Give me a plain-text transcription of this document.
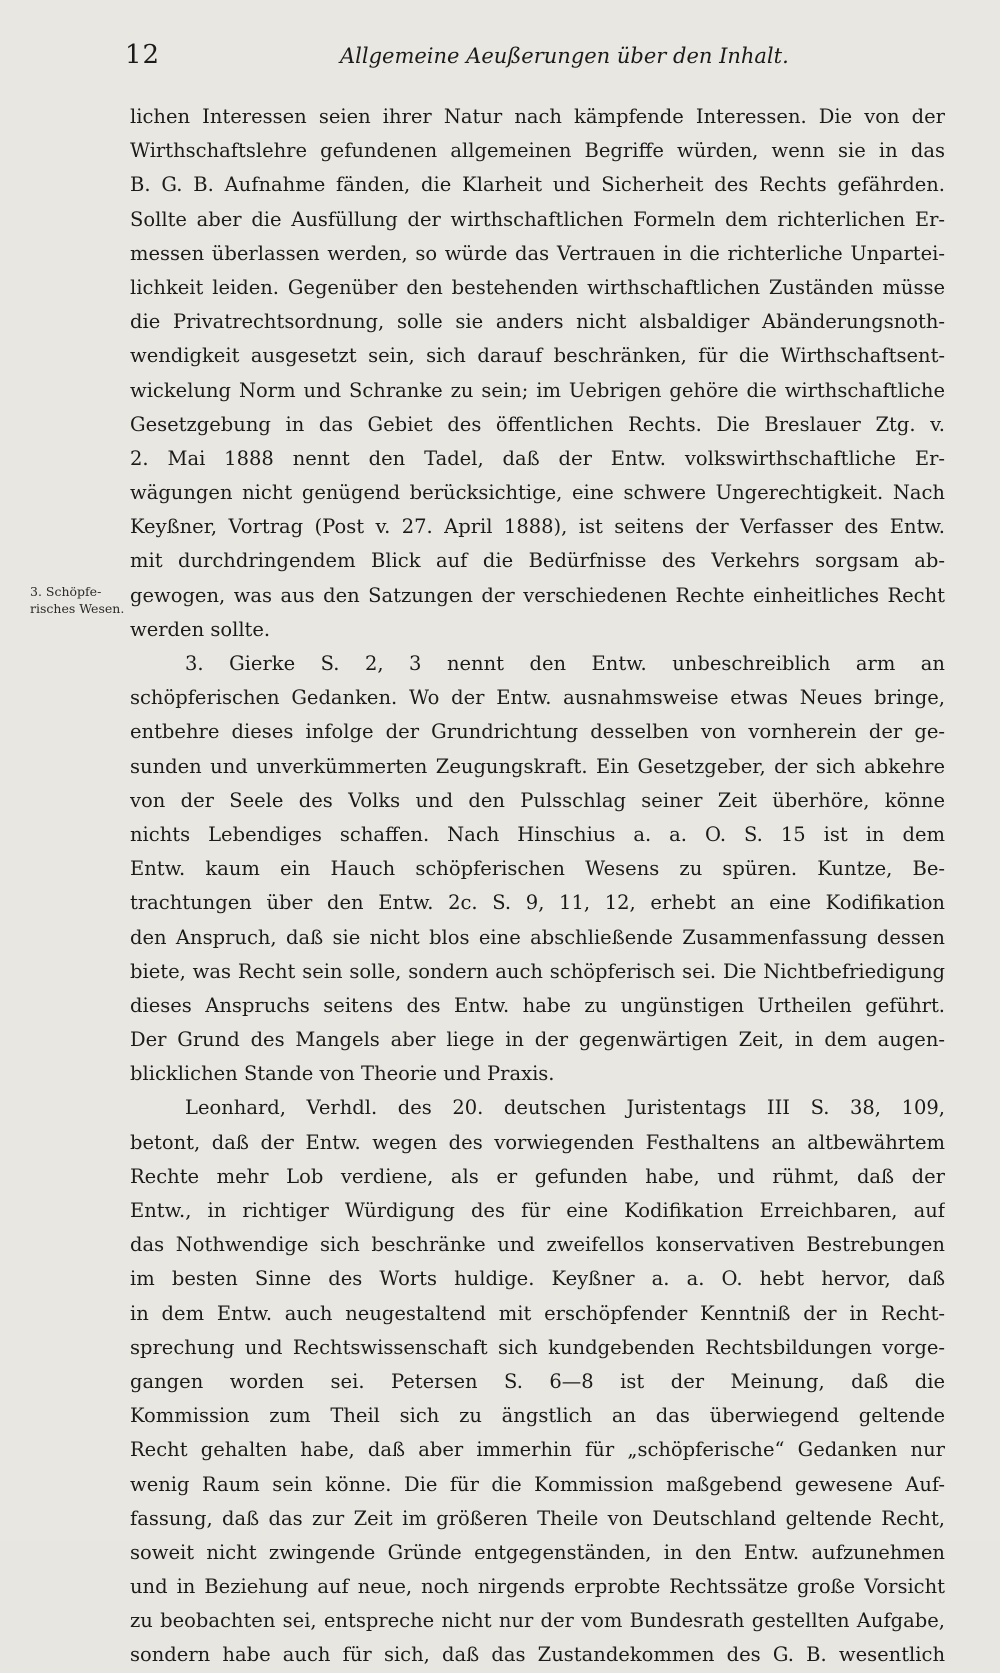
12	Allgemeine Aeußerungen über den Inhalt.
3. Schöpfe-
risches Wesen.
lichen Interessen seien ihrer Natur nach kämpfende Interessen. Die von der
Wirthschaftslehre gefundenen allgemeinen Begriffe würden, wenn sie in das
B. G. B. Aufnahme fänden, die Klarheit und Sicherheit des Rechts gefährden.
Sollte aber die Ausfüllung der wirthschaftlichen Formeln dem richterlichen Er-
messen überlassen werden, so würde das Vertrauen in die richterliche Unpartei-
lichkeit leiden. Gegenüber den bestehenden wirthschaftlichen Zuständen müsse
die Privatrechtsordnung, solle sie anders nicht alsbaldiger Abänderungsnoth-
wendigkeit ausgesetzt sein, sich darauf beschränken, für die Wirthschaftsent-
wickelung Norm und Schranke zu sein; im Uebrigen gehöre die wirthschaftliche
Gesetzgebung in das Gebiet des öffentlichen Rechts. Die Breslauer Ztg. v.
2. Mai 1888 nennt den Tadel, daß der Entw. volkswirthschaftliche Er-
wägungen nicht genügend berücksichtige, eine schwere Ungerechtigkeit. Nach
Keyßner, Vortrag (Post v. 27. April 1888), ist seitens der Verfasser des Entw.
mit durchdringendem Blick auf die Bedürfnisse des Verkehrs sorgsam ab-
gewogen, was aus den Satzungen der verschiedenen Rechte einheitliches Recht
werden sollte.
3. Gierke S. 2, 3 nennt den Entw. unbeschreiblich arm an
schöpferischen Gedanken. Wo der Entw. ausnahmsweise etwas Neues bringe,
entbehre dieses infolge der Grundrichtung desselben von vornherein der ge-
sunden und unverkümmerten Zeugungskraft. Ein Gesetzgeber, der sich abkehre
von der Seele des Volks und den Pulsschlag seiner Zeit überhöre, könne
nichts Lebendiges schaffen. Nach Hinschius a. a. O. S. 15 ist in dem
Entw. kaum ein Hauch schöpferischen Wesens zu spüren. Kuntze, Be-
trachtungen über den Entw. 2c. S. 9, 11, 12, erhebt an eine Kodifikation
den Anspruch, daß sie nicht blos eine abschließende Zusammenfassung dessen
biete, was Recht sein solle, sondern auch schöpferisch sei. Die Nichtbefriedigung
dieses Anspruchs seitens des Entw. habe zu ungünstigen Urtheilen geführt.
Der Grund des Mangels aber liege in der gegenwärtigen Zeit, in dem augen-
blicklichen Stande von Theorie und Praxis.
Leonhard, Verhdl. des 20. deutschen Juristentags III S. 38, 109,
betont, daß der Entw. wegen des vorwiegenden Festhaltens an altbewährtem
Rechte mehr Lob verdiene, als er gefunden habe, und rühmt, daß der
Entw., in richtiger Würdigung des für eine Kodifikation Erreichbaren, auf
das Nothwendige sich beschränke und zweifellos konservativen Bestrebungen
im besten Sinne des Worts huldige. Keyßner a. a. O. hebt hervor, daß
in dem Entw. auch neugestaltend mit erschöpfender Kenntniß der in Recht-
sprechung und Rechtswissenschaft sich kundgebenden Rechtsbildungen vorge-
gangen worden sei. Petersen S. 6—8 ist der Meinung, daß die
Kommission zum Theil sich zu ängstlich an das überwiegend geltende
Recht gehalten habe, daß aber immerhin für „schöpferische“ Gedanken nur
wenig Raum sein könne. Die für die Kommission maßgebend gewesene Auf-
fassung, daß das zur Zeit im größeren Theile von Deutschland geltende Recht,
soweit nicht zwingende Gründe entgegenständen, in den Entw. aufzunehmen
und in Beziehung auf neue, noch nirgends erprobte Rechtssätze große Vorsicht
zu beobachten sei, entspreche nicht nur der vom Bundesrath gestellten Aufgabe,
sondern habe auch für sich, daß das Zustandekommen des G. B. wesentlich
